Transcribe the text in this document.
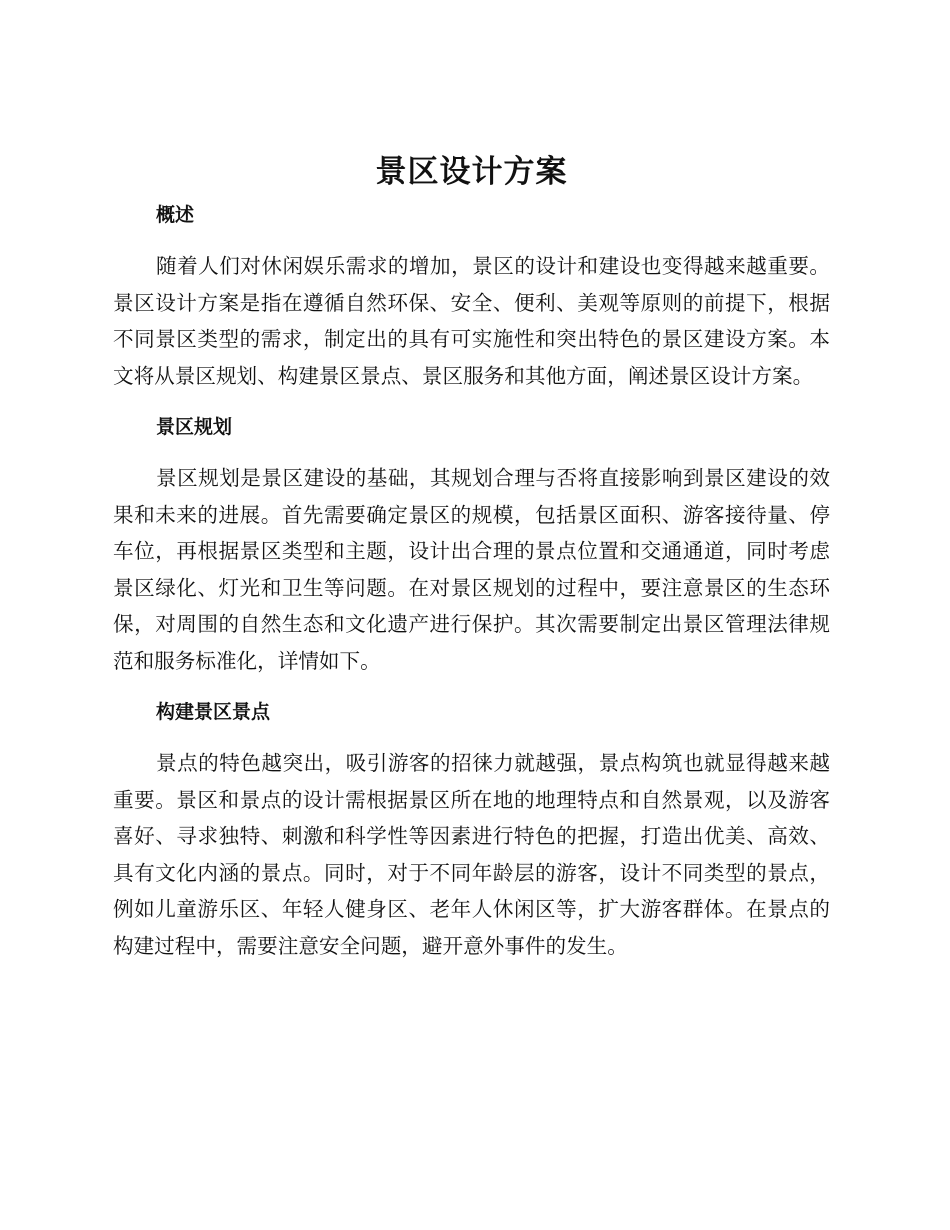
景区设计方案
概述

随着人们对休闲娱乐需求的增加，景区的设计和建设也变得越来越重要。景区设计方案是指在遵循自然环保、安全、便利、美观等原则的前提下，根据不同景区类型的需求，制定出的具有可实施性和突出特色的景区建设方案。本文将从景区规划、构建景区景点、景区服务和其他方面，阐述景区设计方案。

景区规划

景区规划是景区建设的基础，其规划合理与否将直接影响到景区建设的效果和未来的进展。首先需要确定景区的规模，包括景区面积、游客接待量、停车位，再根据景区类型和主题，设计出合理的景点位置和交通通道，同时考虑景区绿化、灯光和卫生等问题。在对景区规划的过程中，要注意景区的生态环保，对周围的自然生态和文化遗产进行保护。其次需要制定出景区管理法律规范和服务标准化，详情如下。

构建景区景点

景点的特色越突出，吸引游客的招徕力就越强，景点构筑也就显得越来越重要。景区和景点的设计需根据景区所在地的地理特点和自然景观，以及游客喜好、寻求独特、刺激和科学性等因素进行特色的把握，打造出优美、高效、具有文化内涵的景点。同时，对于不同年龄层的游客，设计不同类型的景点，例如儿童游乐区、年轻人健身区、老年人休闲区等，扩大游客群体。在景点的构建过程中，需要注意安全问题，避开意外事件的发生。
